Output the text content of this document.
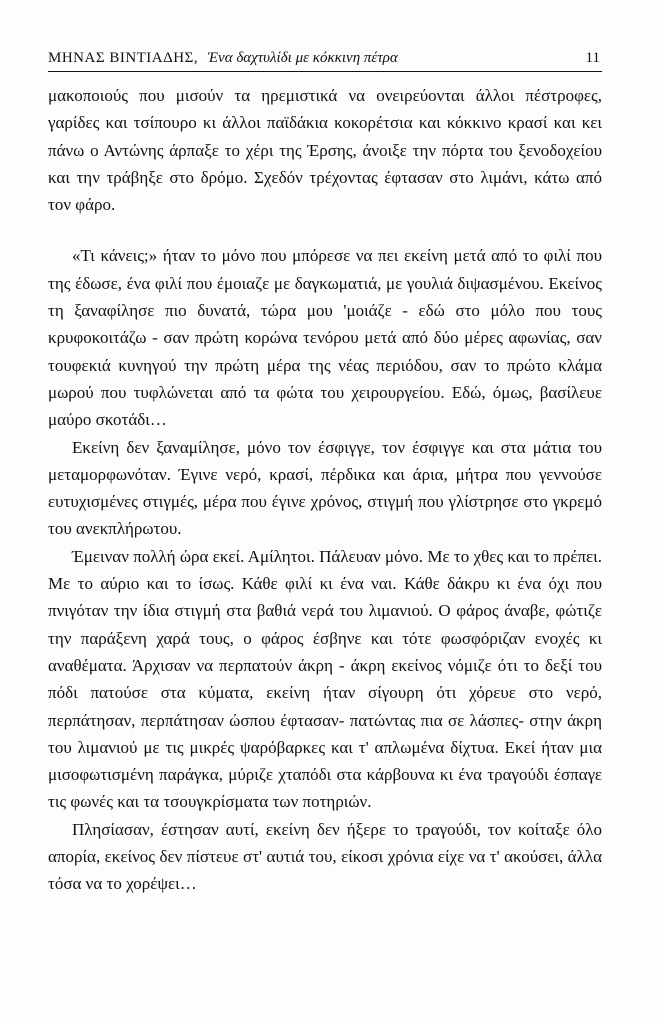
ΜΗΝΑΣ ΒΙΝΤΙΑΔΗΣ, Ένα δαχτυλίδι με κόκκινη πέτρα	11

μακοποιούς που μισούν τα ηρεμιστικά να ονειρεύονται άλλοι πέστροφες, γαρίδες και τσίπουρο κι άλλοι παϊδάκια κοκορέτσια και κόκκινο κρασί και κει πάνω ο Αντώνης άρπαξε το χέρι της Έρσης, άνοιξε την πόρτα του ξενοδοχείου και την τράβηξε στο δρόμο. Σχεδόν τρέχοντας έφτασαν στο λιμάνι, κάτω από τον φάρο.

«Τι κάνεις;» ήταν το μόνο που μπόρεσε να πει εκείνη μετά από το φιλί που της έδωσε, ένα φιλί που έμοιαζε με δαγκωματιά, με γουλιά διψασμένου. Εκείνος τη ξαναφίλησε πιο δυνατά, τώρα μου 'μοιάζε - εδώ στο μόλο που τους κρυφοκοιτάζω - σαν πρώτη κορώνα τενόρου μετά από δύο μέρες αφωνίας, σαν τουφεκιά κυνηγού την πρώτη μέρα της νέας περιόδου, σαν το πρώτο κλάμα μωρού που τυφλώνεται από τα φώτα του χειρουργείου. Εδώ, όμως, βασίλευε μαύρο σκοτάδι…

Εκείνη δεν ξαναμίλησε, μόνο τον έσφιγγε, τον έσφιγγε και στα μάτια του μεταμορφωνόταν. Έγινε νερό, κρασί, πέρδικα και άρια, μήτρα που γεννούσε ευτυχισμένες στιγμές, μέρα που έγινε χρόνος, στιγμή που γλίστρησε στο γκρεμό του ανεκπλήρωτου.

Έμειναν πολλή ώρα εκεί. Αμίλητοι. Πάλευαν μόνο. Με το χθες και το πρέπει. Με το αύριο και το ίσως. Κάθε φιλί κι ένα ναι. Κάθε δάκρυ κι ένα όχι που πνιγόταν την ίδια στιγμή στα βαθιά νερά του λιμανιού. Ο φάρος άναβε, φώτιζε την παράξενη χαρά τους, ο φάρος έσβηνε και τότε φωσφόριζαν ενοχές κι αναθέματα. Άρχισαν να περπατούν άκρη - άκρη εκείνος νόμιζε ότι το δεξί του πόδι πατούσε στα κύματα, εκείνη ήταν σίγουρη ότι χόρευε στο νερό, περπάτησαν, περπάτησαν ώσπου έφτασαν- πατώντας πια σε λάσπες- στην άκρη του λιμανιού με τις μικρές ψαρόβαρκες και τ' απλωμένα δίχτυα. Εκεί ήταν μια μισοφωτισμένη παράγκα, μύριζε χταπόδι στα κάρβουνα κι ένα τραγούδι έσπαγε τις φωνές και τα τσουγκρίσματα των ποτηριών.

Πλησίασαν, έστησαν αυτί, εκείνη δεν ήξερε το τραγούδι, τον κοίταξε όλο απορία, εκείνος δεν πίστευε στ' αυτιά του, είκοσι χρόνια είχε να τ' ακούσει, άλλα τόσα να το χορέψει…
